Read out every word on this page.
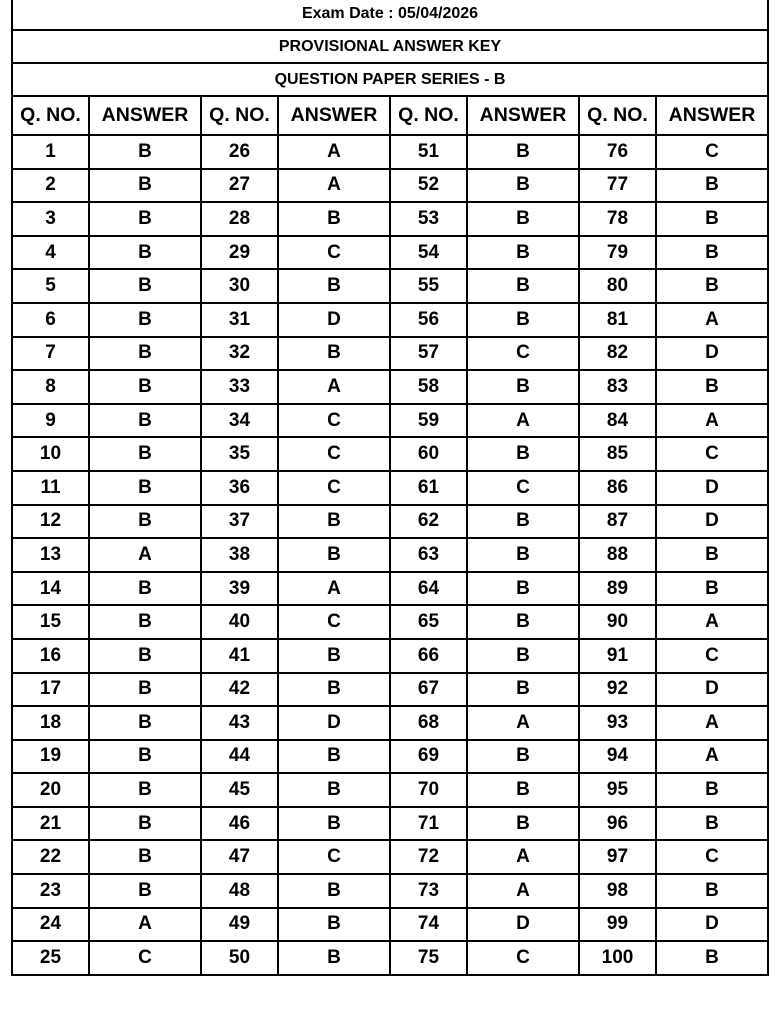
Exam Date : 05/04/2026							
PROVISIONAL ANSWER KEY							
QUESTION PAPER SERIES - B							
Q. NO.	ANSWER	Q. NO.	ANSWER	Q. NO.	ANSWER	Q. NO.	ANSWER
1	B	26	A	51	B	76	C
2	B	27	A	52	B	77	B
3	B	28	B	53	B	78	B
4	B	29	C	54	B	79	B
5	B	30	B	55	B	80	B
6	B	31	D	56	B	81	A
7	B	32	B	57	C	82	D
8	B	33	A	58	B	83	B
9	B	34	C	59	A	84	A
10	B	35	C	60	B	85	C
11	B	36	C	61	C	86	D
12	B	37	B	62	B	87	D
13	A	38	B	63	B	88	B
14	B	39	A	64	B	89	B
15	B	40	C	65	B	90	A
16	B	41	B	66	B	91	C
17	B	42	B	67	B	92	D
18	B	43	D	68	A	93	A
19	B	44	B	69	B	94	A
20	B	45	B	70	B	95	B
21	B	46	B	71	B	96	B
22	B	47	C	72	A	97	C
23	B	48	B	73	A	98	B
24	A	49	B	74	D	99	D
25	C	50	B	75	C	100	B
